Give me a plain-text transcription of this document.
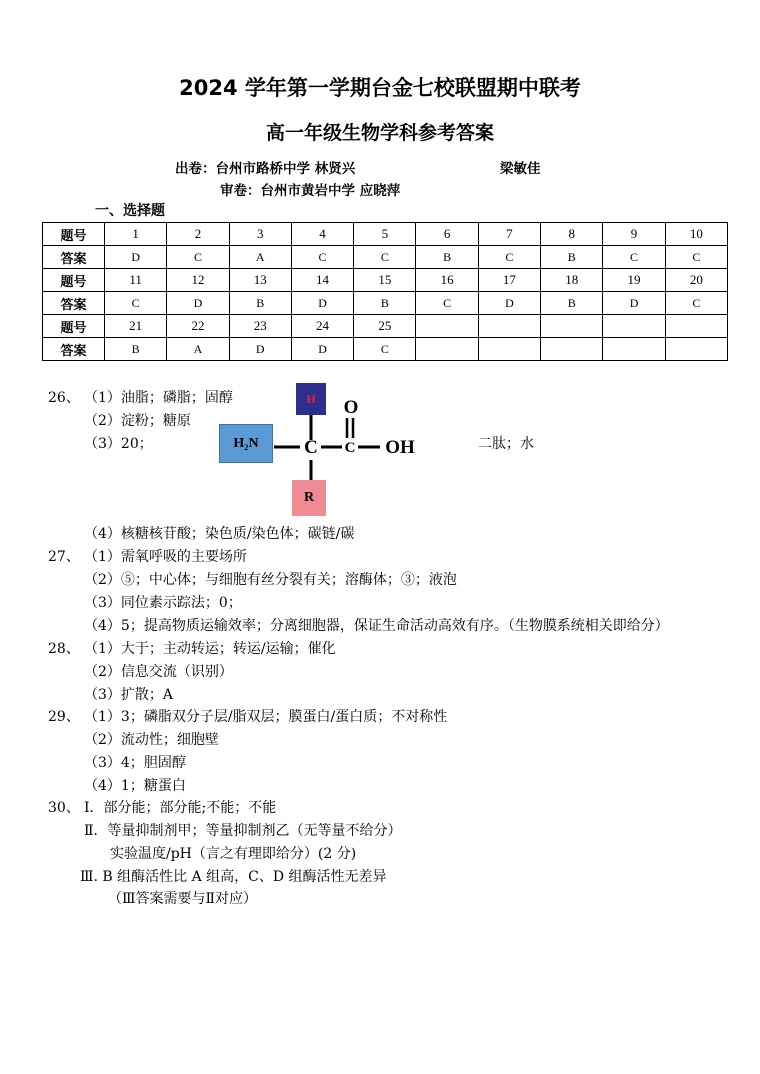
2024 学年第一学期台金七校联盟期中联考
高一年级生物学科参考答案
出卷：台州市路桥中学 林贤兴	梁敏佳
审卷：台州市黄岩中学 应晓萍
一、选择题
题号	1	2	3	4	5	6	7	8	9	10
答案	D	C	A	C	C	B	C	B	C	C
题号	11	12	13	14	15	16	17	18	19	20
答案	C	D	B	D	B	C	D	B	D	C
题号	21	22	23	24	25					
答案	B	A	D	D	C					
26、 （1）油脂；磷脂；固醇
（2）淀粉；糖原
（3）20；	二肽；水
H
H₂N
R
C	C
O
OH
（4）核糖核苷酸；染色质/染色体；碳链/碳
27、 （1）需氧呼吸的主要场所
（2）⑤；中心体；与细胞有丝分裂有关；溶酶体；③；液泡
（3）同位素示踪法；0；
（4）5；提高物质运输效率；分离细胞器，保证生命活动高效有序。（生物膜系统相关即给分）
28、 （1）大于；主动转运；转运/运输；催化
（2）信息交流（识别）
（3）扩散；A
29、 （1）3；磷脂双分子层/脂双层；膜蛋白/蛋白质；不对称性
（2）流动性；细胞壁
（3）4；胆固醇
（4）1；糖蛋白
30、 Ⅰ．部分能；部分能;不能；不能
Ⅱ．等量抑制剂甲；等量抑制剂乙（无等量不给分）
实验温度/pH（言之有理即给分）(2 分)
Ⅲ. B 组酶活性比 A 组高，C、D 组酶活性无差异
（Ⅲ答案需要与Ⅱ对应）
